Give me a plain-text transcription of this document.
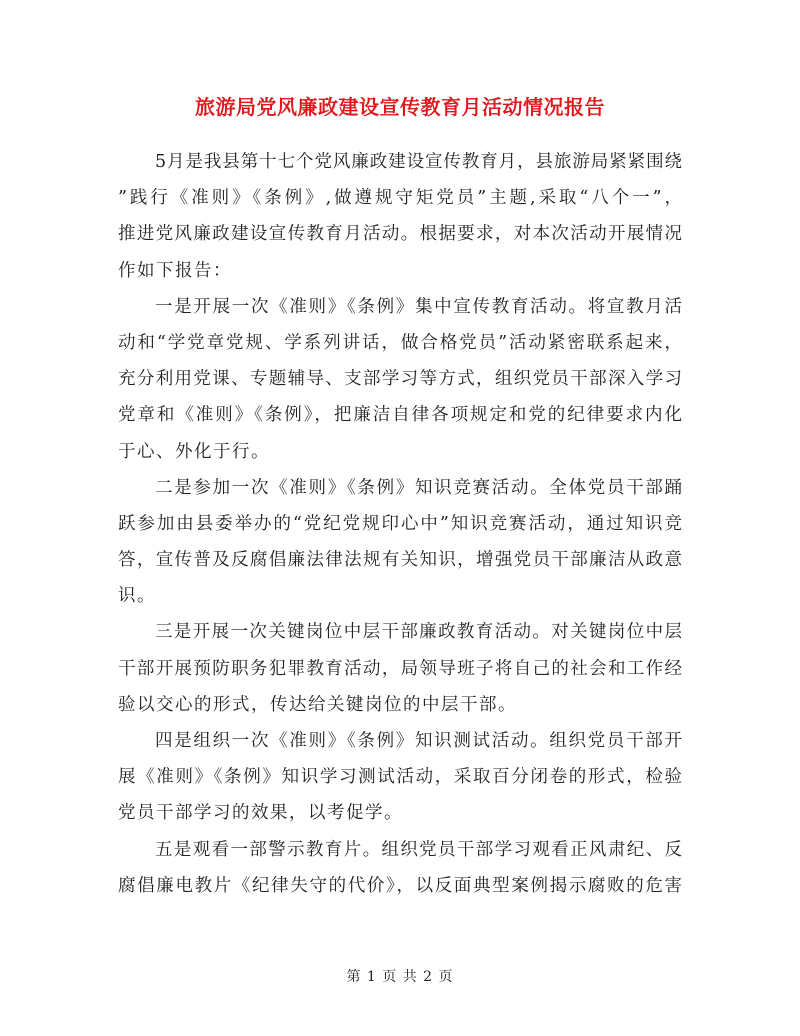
旅游局党风廉政建设宣传教育月活动情况报告
5月是我县第十七个党风廉政建设宣传教育月，县旅游局紧紧围绕
”践行《准则》《条例》,做遵规守矩党员”主题,采取“八个一”，
推进党风廉政建设宣传教育月活动。根据要求，对本次活动开展情况
作如下报告：
一是开展一次《准则》《条例》集中宣传教育活动。将宣教月活
动和“学党章党规、学系列讲话，做合格党员”活动紧密联系起来，
充分利用党课、专题辅导、支部学习等方式，组织党员干部深入学习
党章和《准则》《条例》，把廉洁自律各项规定和党的纪律要求内化
于心、外化于行。
二是参加一次《准则》《条例》知识竞赛活动。全体党员干部踊
跃参加由县委举办的“党纪党规印心中”知识竞赛活动，通过知识竞
答，宣传普及反腐倡廉法律法规有关知识，增强党员干部廉洁从政意
识。
三是开展一次关键岗位中层干部廉政教育活动。对关键岗位中层
干部开展预防职务犯罪教育活动，局领导班子将自己的社会和工作经
验以交心的形式，传达给关键岗位的中层干部。
四是组织一次《准则》《条例》知识测试活动。组织党员干部开
展《准则》《条例》知识学习测试活动，采取百分闭卷的形式，检验
党员干部学习的效果，以考促学。
五是观看一部警示教育片。组织党员干部学习观看正风肃纪、反
腐倡廉电教片《纪律失守的代价》，以反面典型案例揭示腐败的危害
第 1 页 共 2 页
